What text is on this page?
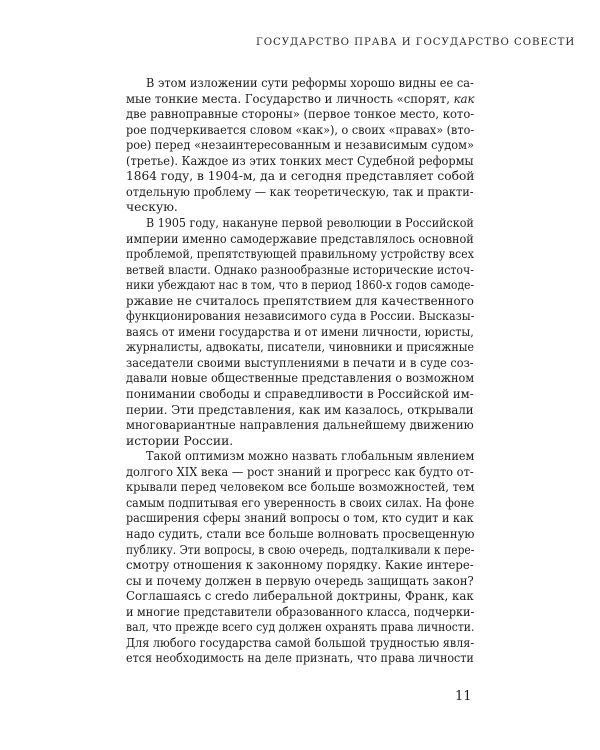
ГОСУДАРСТВО ПРАВА И ГОСУДАРСТВО СОВЕСТИ
В этом изложении сути реформы хорошо видны ее са-
мые тонкие места. Государство и личность «спорят, как
две равноправные стороны» (первое тонкое место, кото-
рое подчеркивается словом «как»), о своих «правах» (вто-
рое) перед «незаинтересованным и независимым судом»
(третье). Каждое из этих тонких мест Судебной реформы
1864 году, в 1904-м, да и сегодня представляет собой
отдельную проблему — как теоретическую, так и практи-
ческую.
В 1905 году, накануне первой революции в Российской
империи именно самодержавие представлялось основной
проблемой, препятствующей правильному устройству всех
ветвей власти. Однако разнообразные исторические источ-
ники убеждают нас в том, что в период 1860-х годов самоде-
ржавие не считалось препятствием для качественного
функционирования независимого суда в России. Высказы-
ваясь от имени государства и от имени личности, юристы,
журналисты, адвокаты, писатели, чиновники и присяжные
заседатели своими выступлениями в печати и в суде соз-
давали новые общественные представления о возможном
понимании свободы и справедливости в Российской им-
перии. Эти представления, как им казалось, открывали
многовариантные направления дальнейшему движению
истории России.
Такой оптимизм можно назвать глобальным явлением
долгого XIX века — рост знаний и прогресс как будто от-
крывали перед человеком все больше возможностей, тем
самым подпитывая его уверенность в своих силах. На фоне
расширения сферы знаний вопросы о том, кто судит и как
надо судить, стали все больше волновать просвещенную
публику. Эти вопросы, в свою очередь, подталкивали к пере-
смотру отношения к законному порядку. Какие интере-
сы и почему должен в первую очередь защищать закон?
Соглашаясь с credo либеральной доктрины, Франк, как
и многие представители образованного класса, подчерки-
вал, что прежде всего суд должен охранять права личности.
Для любого государства самой большой трудностью явля-
ется необходимость на деле признать, что права личности
11
